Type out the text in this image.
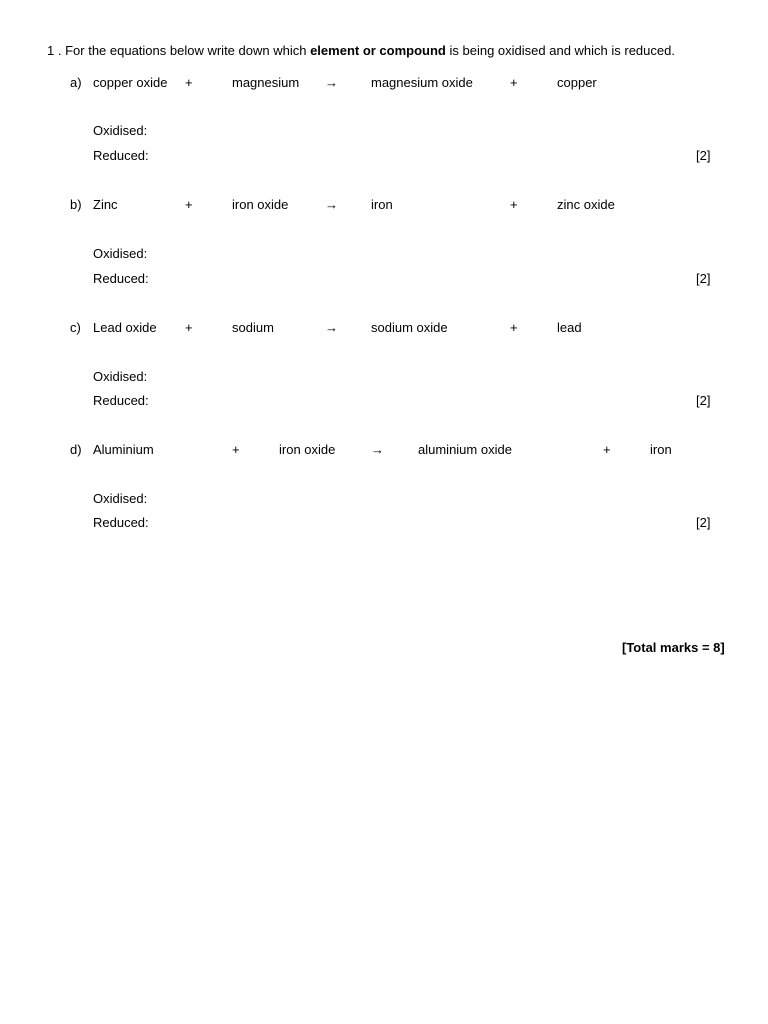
1 . For the equations below write down which element or compound is being oxidised and which is reduced.
a) copper oxide +	magnesium →	magnesium oxide	+	copper
Oxidised:
Reduced:	[2]
b) Zinc	+	iron oxide	→	iron	+	zinc oxide
Oxidised:
Reduced:	[2]
c) Lead oxide +	sodium	→	sodium oxide	+	lead
Oxidised:
Reduced:	[2]
d) Aluminium	+	iron oxide	→	aluminium oxide	+	iron
Oxidised:
Reduced:	[2]
[Total marks = 8]
